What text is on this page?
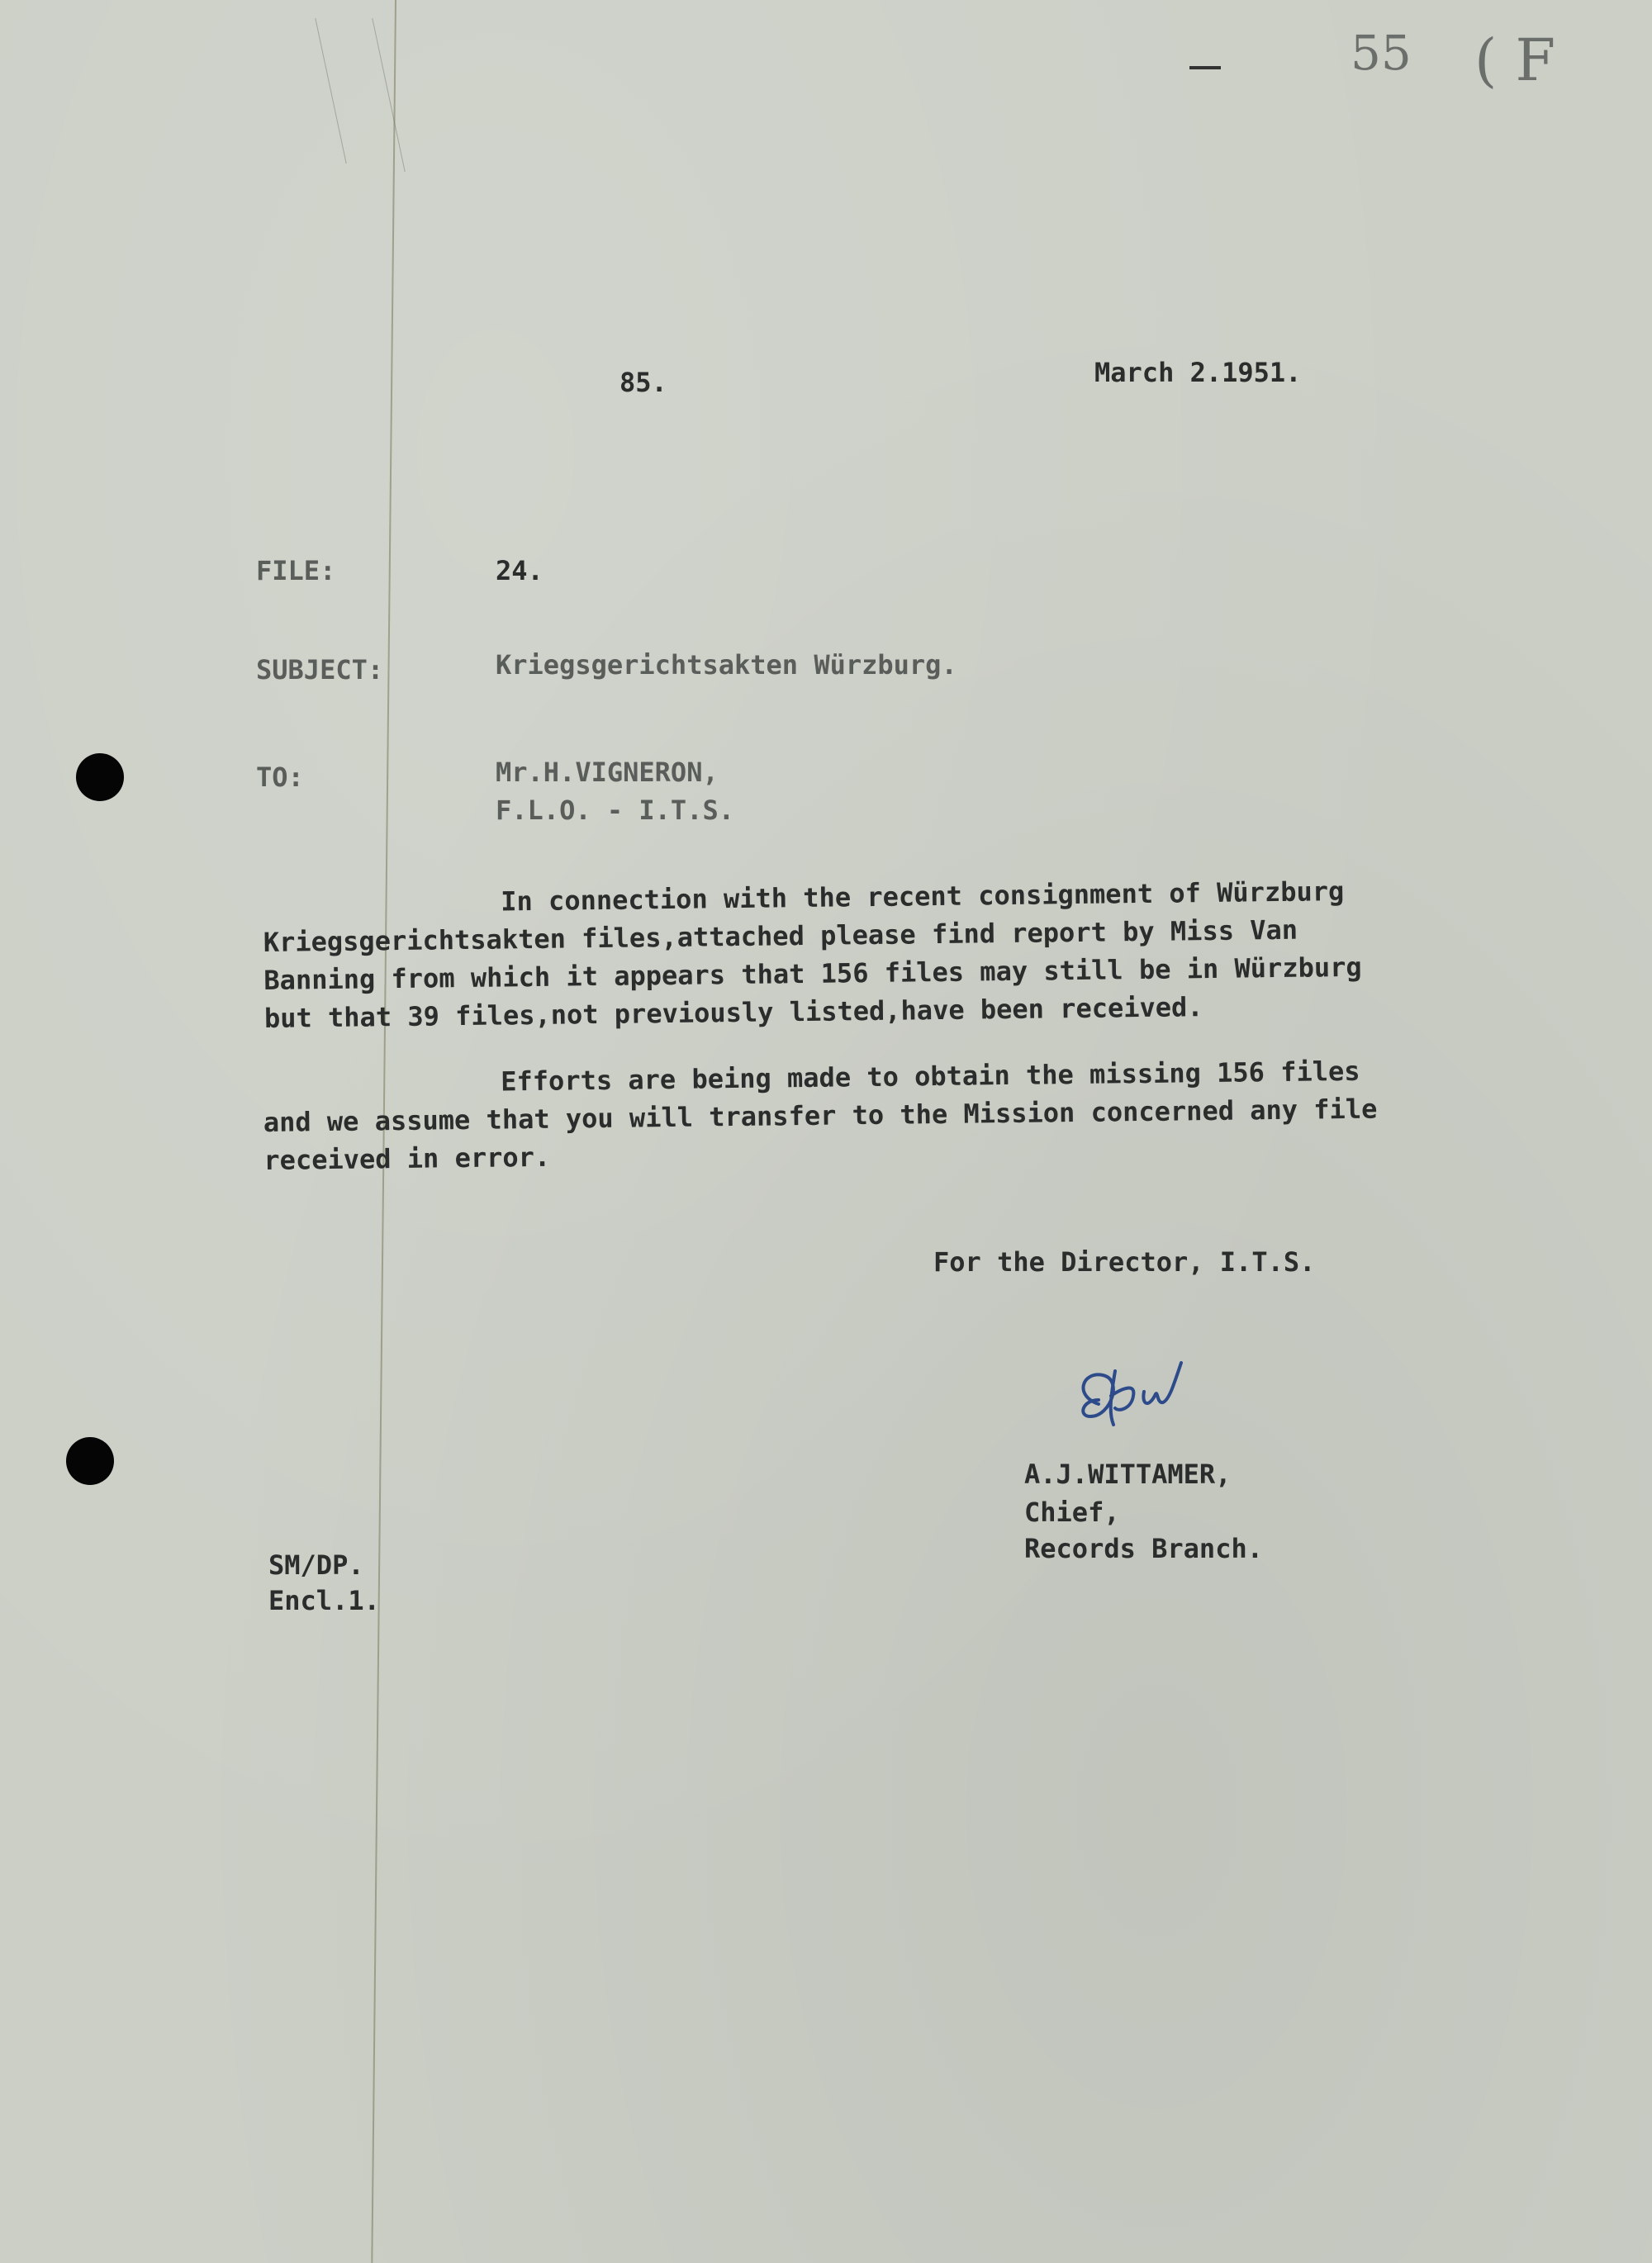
55 ( F

85.	March 2.1951.

FILE:	24.

SUBJECT:	Kriegsgerichtsakten Würzburg.

TO:	Mr.H.VIGNERON,

F.L.O. - I.T.S.

In connection with the recent consignment of Würzburg

Kriegsgerichtsakten files,attached please find report by Miss Van

Banning from which it appears that 156 files may still be in Würzburg

but that 39 files,not previously listed,have been received.

Efforts are being made to obtain the missing 156 files

and we assume that you will transfer to the Mission concerned any file

received in error.

For the Director, I.T.S.

A.J.WITTAMER,

Chief,

Records Branch.

SM/DP.

Encl.1.
